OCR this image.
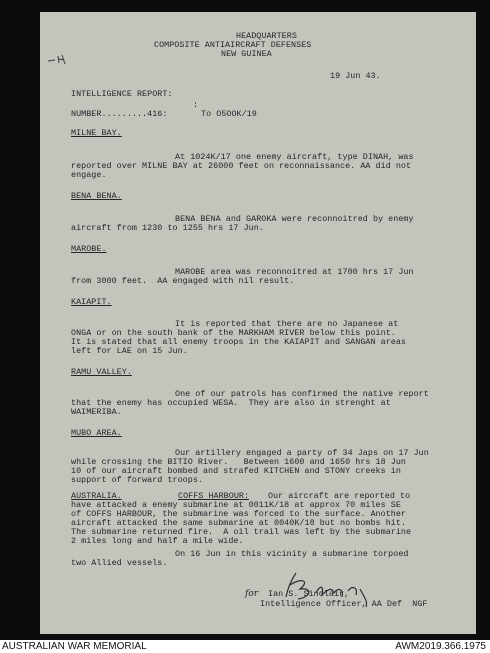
HEADQUARTERS
COMPOSITE ANTIAIRCRAFT DEFENSES
NEW GUINEA
19 Jun 43.
INTELLIGENCE REPORT:
:
To O5OOK/19
NUMBER.........416:
MILNE BAY.
At 1024K/17 one enemy aircraft, type DINAH, was
reported over MILNE BAY at 26000 feet on reconnaissance. AA did not
engage.
BENA BENA.
BENA BENA and GAROKA were reconnoitred by enemy
aircraft from 1230 to 1255 hrs 17 Jun.
MAROBE.
MAROBE area was reconnoitred at 1700 hrs 17 Jun
from 3000 feet.  AA engaged with nil result.
KAIAPIT.
It is reported that there are no Japanese at
ONGA or on the south bank of the MARKHAM RIVER below this point.
It is stated that all enemy troops in the KAIAPIT and SANGAN areas
left for LAE on 15 Jun.
RAMU VALLEY.
One of our patrols has confirmed the native report
that the enemy has occupied WESA.  They are also in strenght at
WAIMERIBA.
MUBO AREA.
Our artillery engaged a party of 34 Japs on 17 Jun
while crossing the BITIO River.   Between 1600 and 1650 hrs 18 Jun
10 of our aircraft bombed and strafed KITCHEN and STONY creeks in
support of forward troops.
AUSTRALIA.	COFFS HARBOUR: Our aircraft are reported to
have attacked a enemy submarine at 0011K/18 at approx 70 miles SE
of COFFS HARBOUR, the submarine was forced to the surface. Another
aircraft attacked the same submarine at 0040K/18 but no bombs hit.
The submarine returned fire.  A oil trail was left by the submarine
2 miles long and half a mile wide.
On 16 Jun in this vicinity a submarine torpoed
two Allied vessels.
for Ian S. Sinclair,
Intelligence Officer, AA Def  NGF
AUSTRALIAN WAR MEMORIAL	AWM2019.366.1975
